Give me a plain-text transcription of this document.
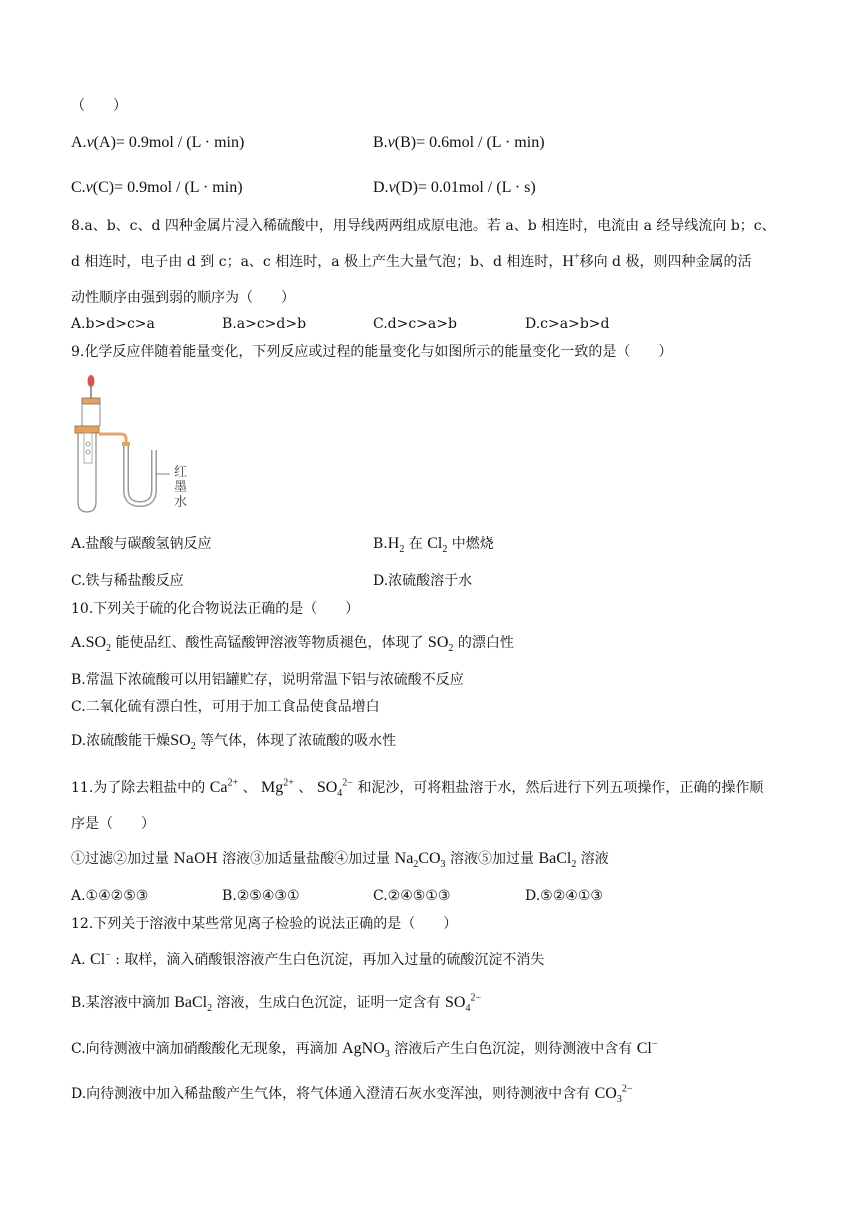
（　　）
A.v(A)= 0.9mol / (L · min)	B.v(B)= 0.6mol / (L · min)
C.v(C)= 0.9mol / (L · min)	D.v(D)= 0.01mol / (L · s)
8.a、b、c、d 四种金属片浸入稀硫酸中，用导线两两组成原电池。若 a、b 相连时，电流由 a 经导线流向 b；c、
d 相连时，电子由 d 到 c；a、c 相连时，a 极上产生大量气泡；b、d 相连时，H+移向 d 极，则四种金属的活
动性顺序由强到弱的顺序为（　　）
A.b>d>c>a	B.a>c>d>b	C.d>c>a>b	D.c>a>b>d
9.化学反应伴随着能量变化，下列反应或过程的能量变化与如图所示的能量变化一致的是（　　）
红
墨
水
A.盐酸与碳酸氢钠反应	$B.H_2$ 在 $Cl_2$ 中燃烧
C.铁与稀盐酸反应	D.浓硫酸溶于水
10.下列关于硫的化合物说法正确的是（　　）
$A.SO_2$ 能使品红、酸性高锰酸钾溶液等物质褪色，体现了 $SO_2$ 的漂白性
B.常温下浓硫酸可以用铝罐贮存，说明常温下铝与浓硫酸不反应
C.二氧化硫有漂白性，可用于加工食品使食品增白
D.浓硫酸能干燥$SO_2$ 等气体，体现了浓硫酸的吸水性
11.为了除去粗盐中的 $Ca^{2+}$ 、 $Mg^{2+}$ 、 $SO_4^{2-}$ 和泥沙，可将粗盐溶于水，然后进行下列五项操作，正确的操作顺
序是（　　）
①过滤②加过量 NaOH 溶液③加适量盐酸④加过量 $Na_2CO_3$ 溶液⑤加过量 BaCl$_2$ 溶液
A.①④②⑤③	B.②⑤④③①	C.②④⑤①③	D.⑤②④①③
12.下列关于溶液中某些常见离子检验的说法正确的是（　　）
A. Cl− : 取样，滴入硝酸银溶液产生白色沉淀，再加入过量的硫酸沉淀不消失
B.某溶液中滴加 BaCl$_2$ 溶液，生成白色沉淀，证明一定含有 $SO_4^{2-}$
C.向待测液中滴加硝酸酸化无现象，再滴加 AgNO$_3$ 溶液后产生白色沉淀，则待测液中含有 Cl−
D.向待测液中加入稀盐酸产生气体，将气体通入澄清石灰水变浑浊，则待测液中含有 $CO_3^{2-}$
